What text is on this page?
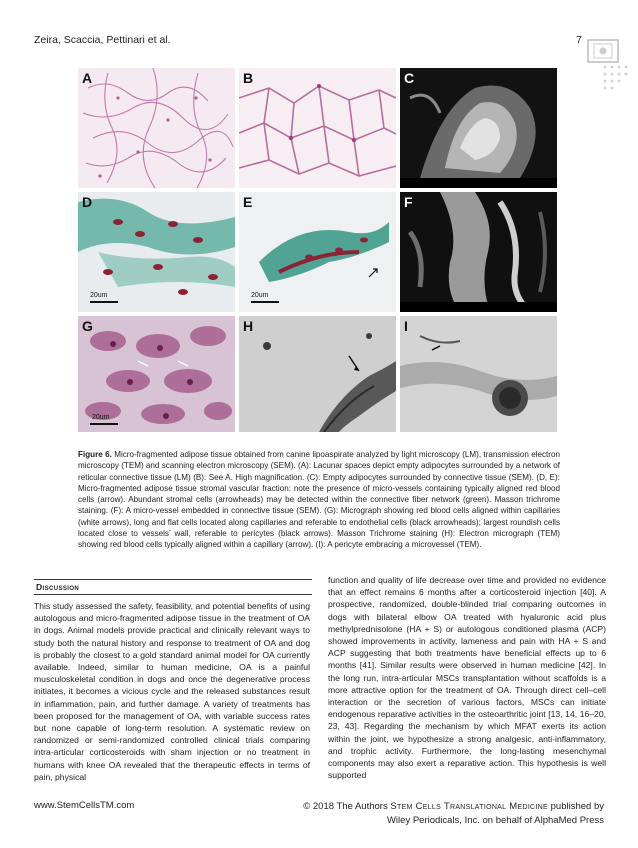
Zeira, Scaccia, Pettinari et al.	7
A	B	C
D
20um
E
20um
F
G
20um
H	I
Figure 6. Micro-fragmented adipose tissue obtained from canine lipoaspirate analyzed by light microscopy (LM), transmission electron microscopy (TEM) and scanning electron microscopy (SEM). (A): Lacunar spaces depict empty adipocytes surrounded by a network of reticular connective tissue (LM) (B): See A. High magnification. (C): Empty adipocytes surrounded by connective tissue (SEM). (D, E): Micro-fragmented adipose tissue stromal vascular fraction: note the presence of micro-vessels containing typically aligned red blood cells (arrow). Abundant stromal cells (arrowheads) may be detected within the connective fiber network (green). Masson trichrome staining. (F): A micro-vessel embedded in connective tissue (SEM). (G): Micrograph showing red blood cells aligned within capillaries (white arrows), long and flat cells located along capillaries and referable to endothelial cells (black arrowheads); largest roundish cells located close to vessels’ wall, referable to pericytes (black arrows). Masson Trichrome staining (H): Electron micrograph (TEM) showing red blood cells typically aligned within a capillary (arrow). (I): A pericyte embracing a microvessel (TEM).
Discussion
This study assessed the safety, feasibility, and potential benefits of using autologous and micro-fragmented adipose tissue in the treatment of OA in dogs. Animal models provide practical and clinically relevant ways to study both the natural history and response to treatment of OA and dog is probably the closest to a gold standard animal model for OA currently available. Indeed, similar to human medicine, OA is a painful musculoskeletal condition in dogs and once the degenerative process initiates, it becomes a vicious cycle and the released substances result in inflammation, pain, and further damage. A variety of treatments has been proposed for the management of OA, with variable success rates but none capable of long-term resolution. A systematic review on randomized or semi-randomized controlled clinical trials comparing intra-articular corticosteroids with sham injection or no treatment in humans with knee OA revealed that the therapeutic effects in terms of pain, physical
function and quality of life decrease over time and provided no evidence that an effect remains 6 months after a corticosteroid injection [40]. A prospective, randomized, double-blinded trial comparing outcomes in dogs with bilateral elbow OA treated with hyaluronic acid plus methylprednisolone (HA + S) or autologous conditioned plasma (ACP) showed improvements in activity, lameness and pain with HA + S and ACP suggesting that both treatments have beneficial effects up to 6 months [41]. Similar results were observed in human medicine [42]. In the long run, intra-articular MSCs transplantation without scaffolds is a more attractive option for the treatment of OA. Through direct cell–cell interaction or the secretion of various factors, MSCs can initiate endogenous reparative activities in the osteoarthritic joint [13, 14, 16–20, 23, 43]. Regarding the mechanism by which MFAT exerts its action within the joint, we hypothesize a strong analgesic, anti-inflammatory, and trophic activity. Furthermore, the long-lasting mesenchymal components may also exert a reparative action. This hypothesis is well supported
www.StemCellsTM.com	© 2018 The Authors Stem Cells Translational Medicine published by
Wiley Periodicals, Inc. on behalf of AlphaMed Press
